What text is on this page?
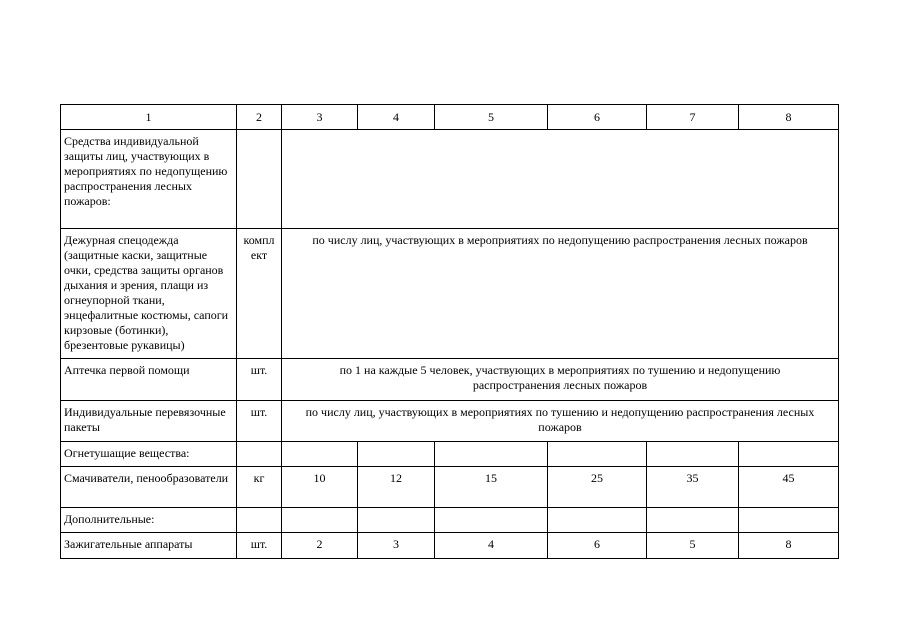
1	2	3	4	5	6	7	8
Средства индивидуальной защиты лиц, участвующих в мероприятиях по недопущению распространения лесных пожаров:							
Дежурная спецодежда (защитные каски, защитные очки, средства защиты органов дыхания и зрения, плащи из огнеупорной ткани, энцефалитные костюмы, сапоги кирзовые (ботинки), брезентовые рукавицы)	компл ект	по числу лиц, участвующих в мероприятиях по недопущению распространения лесных пожаров					
Аптечка первой помощи	шт.	по 1 на каждые 5 человек, участвующих в мероприятиях по тушению и недопущению распространения лесных пожаров					
Индивидуальные перевязочные пакеты	шт.	по числу лиц, участвующих в мероприятиях по тушению и недопущению распространения лесных пожаров					
Огнетушащие вещества:							
Смачиватели, пенообразователи	кг	10	12	15	25	35	45
Дополнительные:							
Зажигательные аппараты	шт.	2	3	4	6	5	8
